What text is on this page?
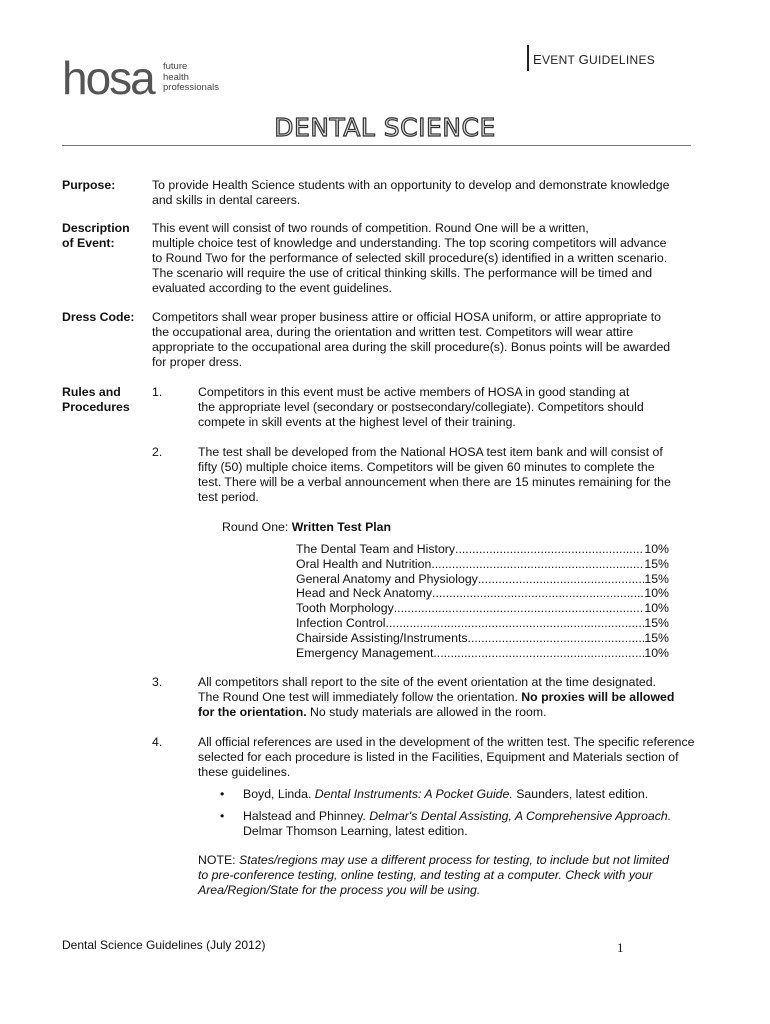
EVENT GUIDELINES
hosa future
health
professionals
DENTAL SCIENCE
Purpose:	To provide Health Science students with an opportunity to develop and demonstrate knowledge
and skills in dental careers.
Description
of Event:
This event will consist of two rounds of competition. Round One will be a written,
multiple choice test of knowledge and understanding. The top scoring competitors will advance
to Round Two for the performance of selected skill procedure(s) identified in a written scenario.
The scenario will require the use of critical thinking skills. The performance will be timed and
evaluated according to the event guidelines.
Dress Code: Competitors shall wear proper business attire or official HOSA uniform, or attire appropriate to
the occupational area, during the orientation and written test. Competitors will wear attire
appropriate to the occupational area during the skill procedure(s). Bonus points will be awarded
for proper dress.
Rules and
Procedures
1.	Competitors in this event must be active members of HOSA in good standing at
the appropriate level (secondary or postsecondary/collegiate). Competitors should
compete in skill events at the highest level of their training.
2.	The test shall be developed from the National HOSA test item bank and will consist of
fifty (50) multiple choice items. Competitors will be given 60 minutes to complete the
test. There will be a verbal announcement when there are 15 minutes remaining for the
test period.
Round One: Written Test Plan
The Dental Team and History .....	10%
Oral Health and Nutrition .....	15%
General Anatomy and Physiology .....	15%
Head and Neck Anatomy .....	10%
Tooth Morphology .....	10%
Infection Control .....	15%
Chairside Assisting/Instruments .....	15%
Emergency Management .....	10%
3.	All competitors shall report to the site of the event orientation at the time designated.
The Round One test will immediately follow the orientation. No proxies will be allowed
for the orientation. No study materials are allowed in the room.
4.	All official references are used in the development of the written test. The specific reference
selected for each procedure is listed in the Facilities, Equipment and Materials section of
these guidelines.
• Boyd, Linda. Dental Instruments: A Pocket Guide. Saunders, latest edition.
• Halstead and Phinney. Delmar's Dental Assisting, A Comprehensive Approach.
Delmar Thomson Learning, latest edition.
NOTE: States/regions may use a different process for testing, to include but not limited
to pre-conference testing, online testing, and testing at a computer. Check with your
Area/Region/State for the process you will be using.
Dental Science Guidelines (July 2012)	1
